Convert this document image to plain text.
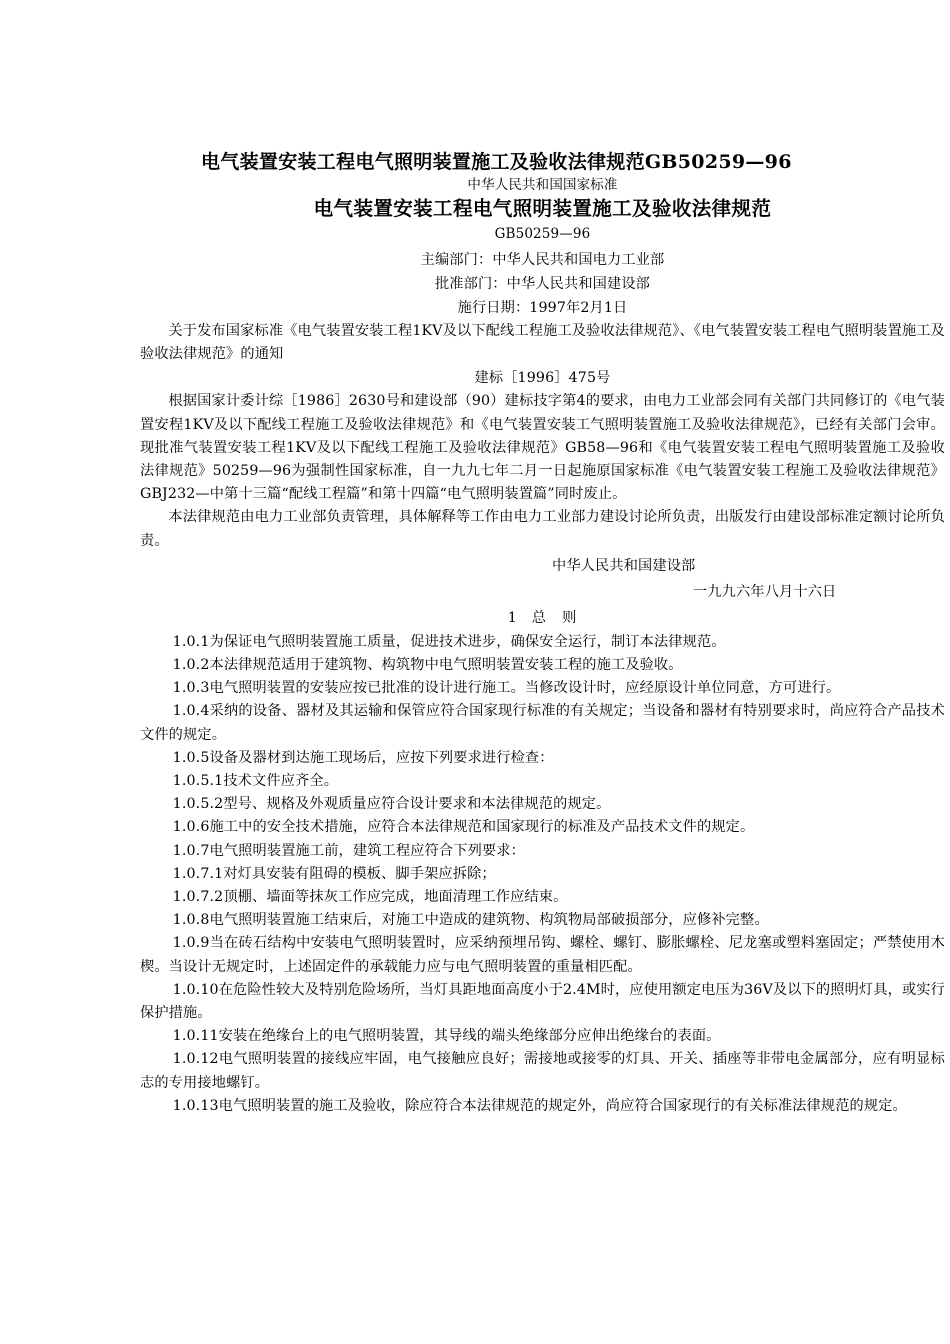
电气装置安装工程电气照明装置施工及验收法律规范GB50259—96
中华人民共和国国家标准
电气装置安装工程电气照明装置施工及验收法律规范
GB50259—96
主编部门：中华人民共和国电力工业部
批准部门：中华人民共和国建设部
施行日期：1997年2月1日

关于发布国家标准《电气装置安装工程1KV及以下配线工程施工及验收法律规范》、《电气装置安装工程电气照明装置施工及验收法律规范》的通知

建标［1996］475号

根据国家计委计综［1986］2630号和建设部（90）建标技字第4的要求，由电力工业部会同有关部门共同修订的《电气装置安程1KV及以下配线工程施工及验收法律规范》和《电气装置安装工气照明装置施工及验收法律规范》，已经有关部门会审。现批准气装置安装工程1KV及以下配线工程施工及验收法律规范》GB58—96和《电气装置安装工程电气照明装置施工及验收法律规范》50259—96为强制性国家标准，自一九九七年二月一日起施原国家标准《电气装置安装工程施工及验收法律规范》GBJ232—中第十三篇“配线工程篇”和第十四篇“电气照明装置篇”同时废止。

本法律规范由电力工业部负责管理，具体解释等工作由电力工业部力建设讨论所负责，出版发行由建设部标准定额讨论所负责。

中华人民共和国建设部
一九九六年八月十六日
1 总　则

1.0.1为保证电气照明装置施工质量，促进技术进步，确保安全运行，制订本法律规范。

1.0.2本法律规范适用于建筑物、构筑物中电气照明装置安装工程的施工及验收。

1.0.3电气照明装置的安装应按已批准的设计进行施工。当修改设计时，应经原设计单位同意，方可进行。

1.0.4采纳的设备、器材及其运输和保管应符合国家现行标准的有关规定；当设备和器材有特别要求时，尚应符合产品技术文件的规定。

1.0.5设备及器材到达施工现场后，应按下列要求进行检查：

1.0.5.1技术文件应齐全。

1.0.5.2型号、规格及外观质量应符合设计要求和本法律规范的规定。

1.0.6施工中的安全技术措施，应符合本法律规范和国家现行的标准及产品技术文件的规定。

1.0.7电气照明装置施工前，建筑工程应符合下列要求：

1.0.7.1对灯具安装有阻碍的模板、脚手架应拆除；

1.0.7.2顶棚、墙面等抹灰工作应完成，地面清理工作应结束。

1.0.8电气照明装置施工结束后，对施工中造成的建筑物、构筑物局部破损部分，应修补完整。

1.0.9当在砖石结构中安装电气照明装置时，应采纳预埋吊钩、螺栓、螺钉、膨胀螺栓、尼龙塞或塑料塞固定；严禁使用木楔。当设计无规定时，上述固定件的承载能力应与电气照明装置的重量相匹配。

1.0.10在危险性较大及特别危险场所，当灯具距地面高度小于2.4M时，应使用额定电压为36V及以下的照明灯具，或实行保护措施。

1.0.11安装在绝缘台上的电气照明装置，其导线的端头绝缘部分应伸出绝缘台的表面。

1.0.12电气照明装置的接线应牢固，电气接触应良好；需接地或接零的灯具、开关、插座等非带电金属部分，应有明显标志的专用接地螺钉。

1.0.13电气照明装置的施工及验收，除应符合本法律规范的规定外，尚应符合国家现行的有关标准法律规范的规定。
